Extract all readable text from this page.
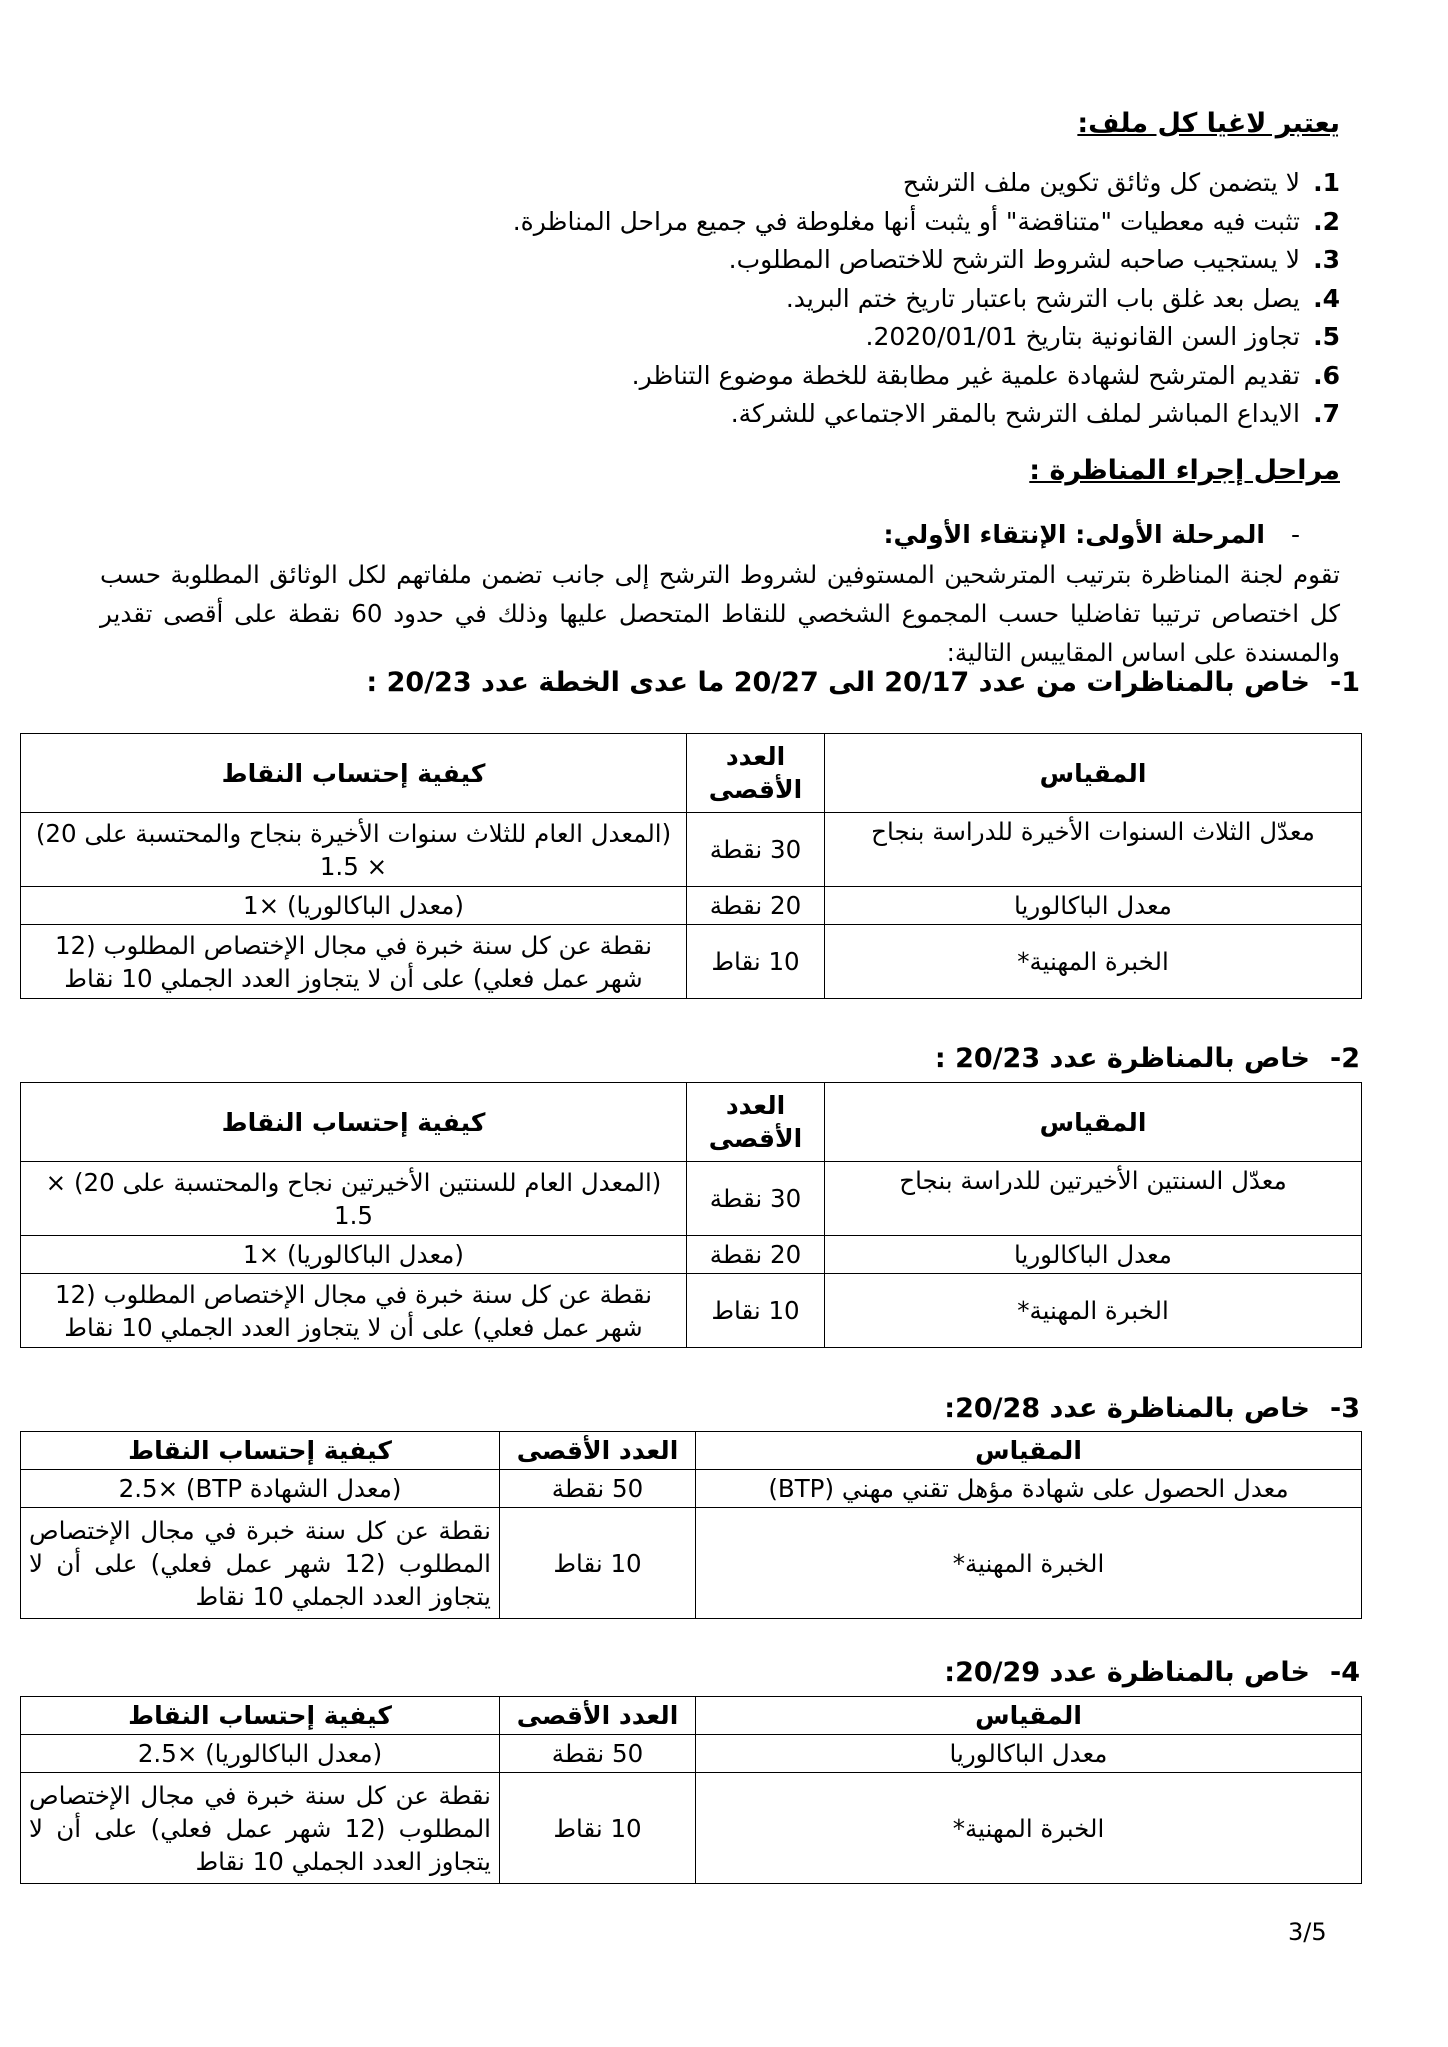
يعتبر لاغيا كل ملف:
1.
لا يتضمن كل وثائق تكوين ملف الترشح
2.
تثبت فيه معطيات "متناقضة" أو يثبت أنها مغلوطة في جميع مراحل المناظرة.
3.
لا يستجيب صاحبه لشروط الترشح للاختصاص المطلوب.
4.
يصل بعد غلق باب الترشح باعتبار تاريخ ختم البريد.
5.
تجاوز السن القانونية بتاريخ 2020/01/01.
6.
تقديم المترشح لشهادة علمية غير مطابقة للخطة موضوع التناظر.
7.
الايداع المباشر لملف الترشح بالمقر الاجتماعي للشركة.
مراحل إجراء المناظرة :
-المرحلة الأولى: الإنتقاء الأولي:
تقوم لجنة المناظرة بترتيب المترشحين المستوفين لشروط الترشح إلى جانب تضمن ملفاتهم لكل الوثائق المطلوبة حسب كل اختصاص ترتيبا تفاضليا حسب المجموع الشخصي للنقاط المتحصل عليها وذلك في حدود 60 نقطة على أقصى تقدير والمسندة على اساس المقاييس التالية:
1-خاص بالمناظرات من عدد 20/17 الى 20/27 ما عدى الخطة عدد 20/23 :
المقياس	العدد الأقصى	كيفية إحتساب النقاط
معدّل الثلاث السنوات الأخيرة للدراسة بنجاح	30 نقطة	(المعدل العام للثلاث سنوات الأخيرة بنجاح والمحتسبة على 20) × 1.5
معدل الباكالوريا	20 نقطة	(معدل الباكالوريا) ×1
الخبرة المهنية*	10 نقاط	نقطة عن كل سنة خبرة في مجال الإختصاص المطلوب (12 شهر عمل فعلي) على أن لا يتجاوز العدد الجملي 10 نقاط
2-خاص بالمناظرة عدد 20/23 :
المقياس	العدد الأقصى	كيفية إحتساب النقاط
معدّل السنتين الأخيرتين للدراسة بنجاح	30 نقطة	(المعدل العام للسنتين الأخيرتين نجاح والمحتسبة على 20) × 1.5
معدل الباكالوريا	20 نقطة	(معدل الباكالوريا) ×1
الخبرة المهنية*	10 نقاط	نقطة عن كل سنة خبرة في مجال الإختصاص المطلوب (12 شهر عمل فعلي) على أن لا يتجاوز العدد الجملي 10 نقاط
3-خاص بالمناظرة عدد 20/28:
المقياس	العدد الأقصى	كيفية إحتساب النقاط
معدل الحصول على شهادة مؤهل تقني مهني (BTP)	50 نقطة	(معدل الشهادة BTP) ×2.5
الخبرة المهنية*	10 نقاط	نقطة عن كل سنة خبرة في مجال الإختصاص المطلوب (12 شهر عمل فعلي) على أن لا يتجاوز العدد الجملي 10 نقاط
4-خاص بالمناظرة عدد 20/29:
المقياس	العدد الأقصى	كيفية إحتساب النقاط
معدل الباكالوريا	50 نقطة	(معدل الباكالوريا) ×2.5
الخبرة المهنية*	10 نقاط	نقطة عن كل سنة خبرة في مجال الإختصاص المطلوب (12 شهر عمل فعلي) على أن لا يتجاوز العدد الجملي 10 نقاط
3/5
